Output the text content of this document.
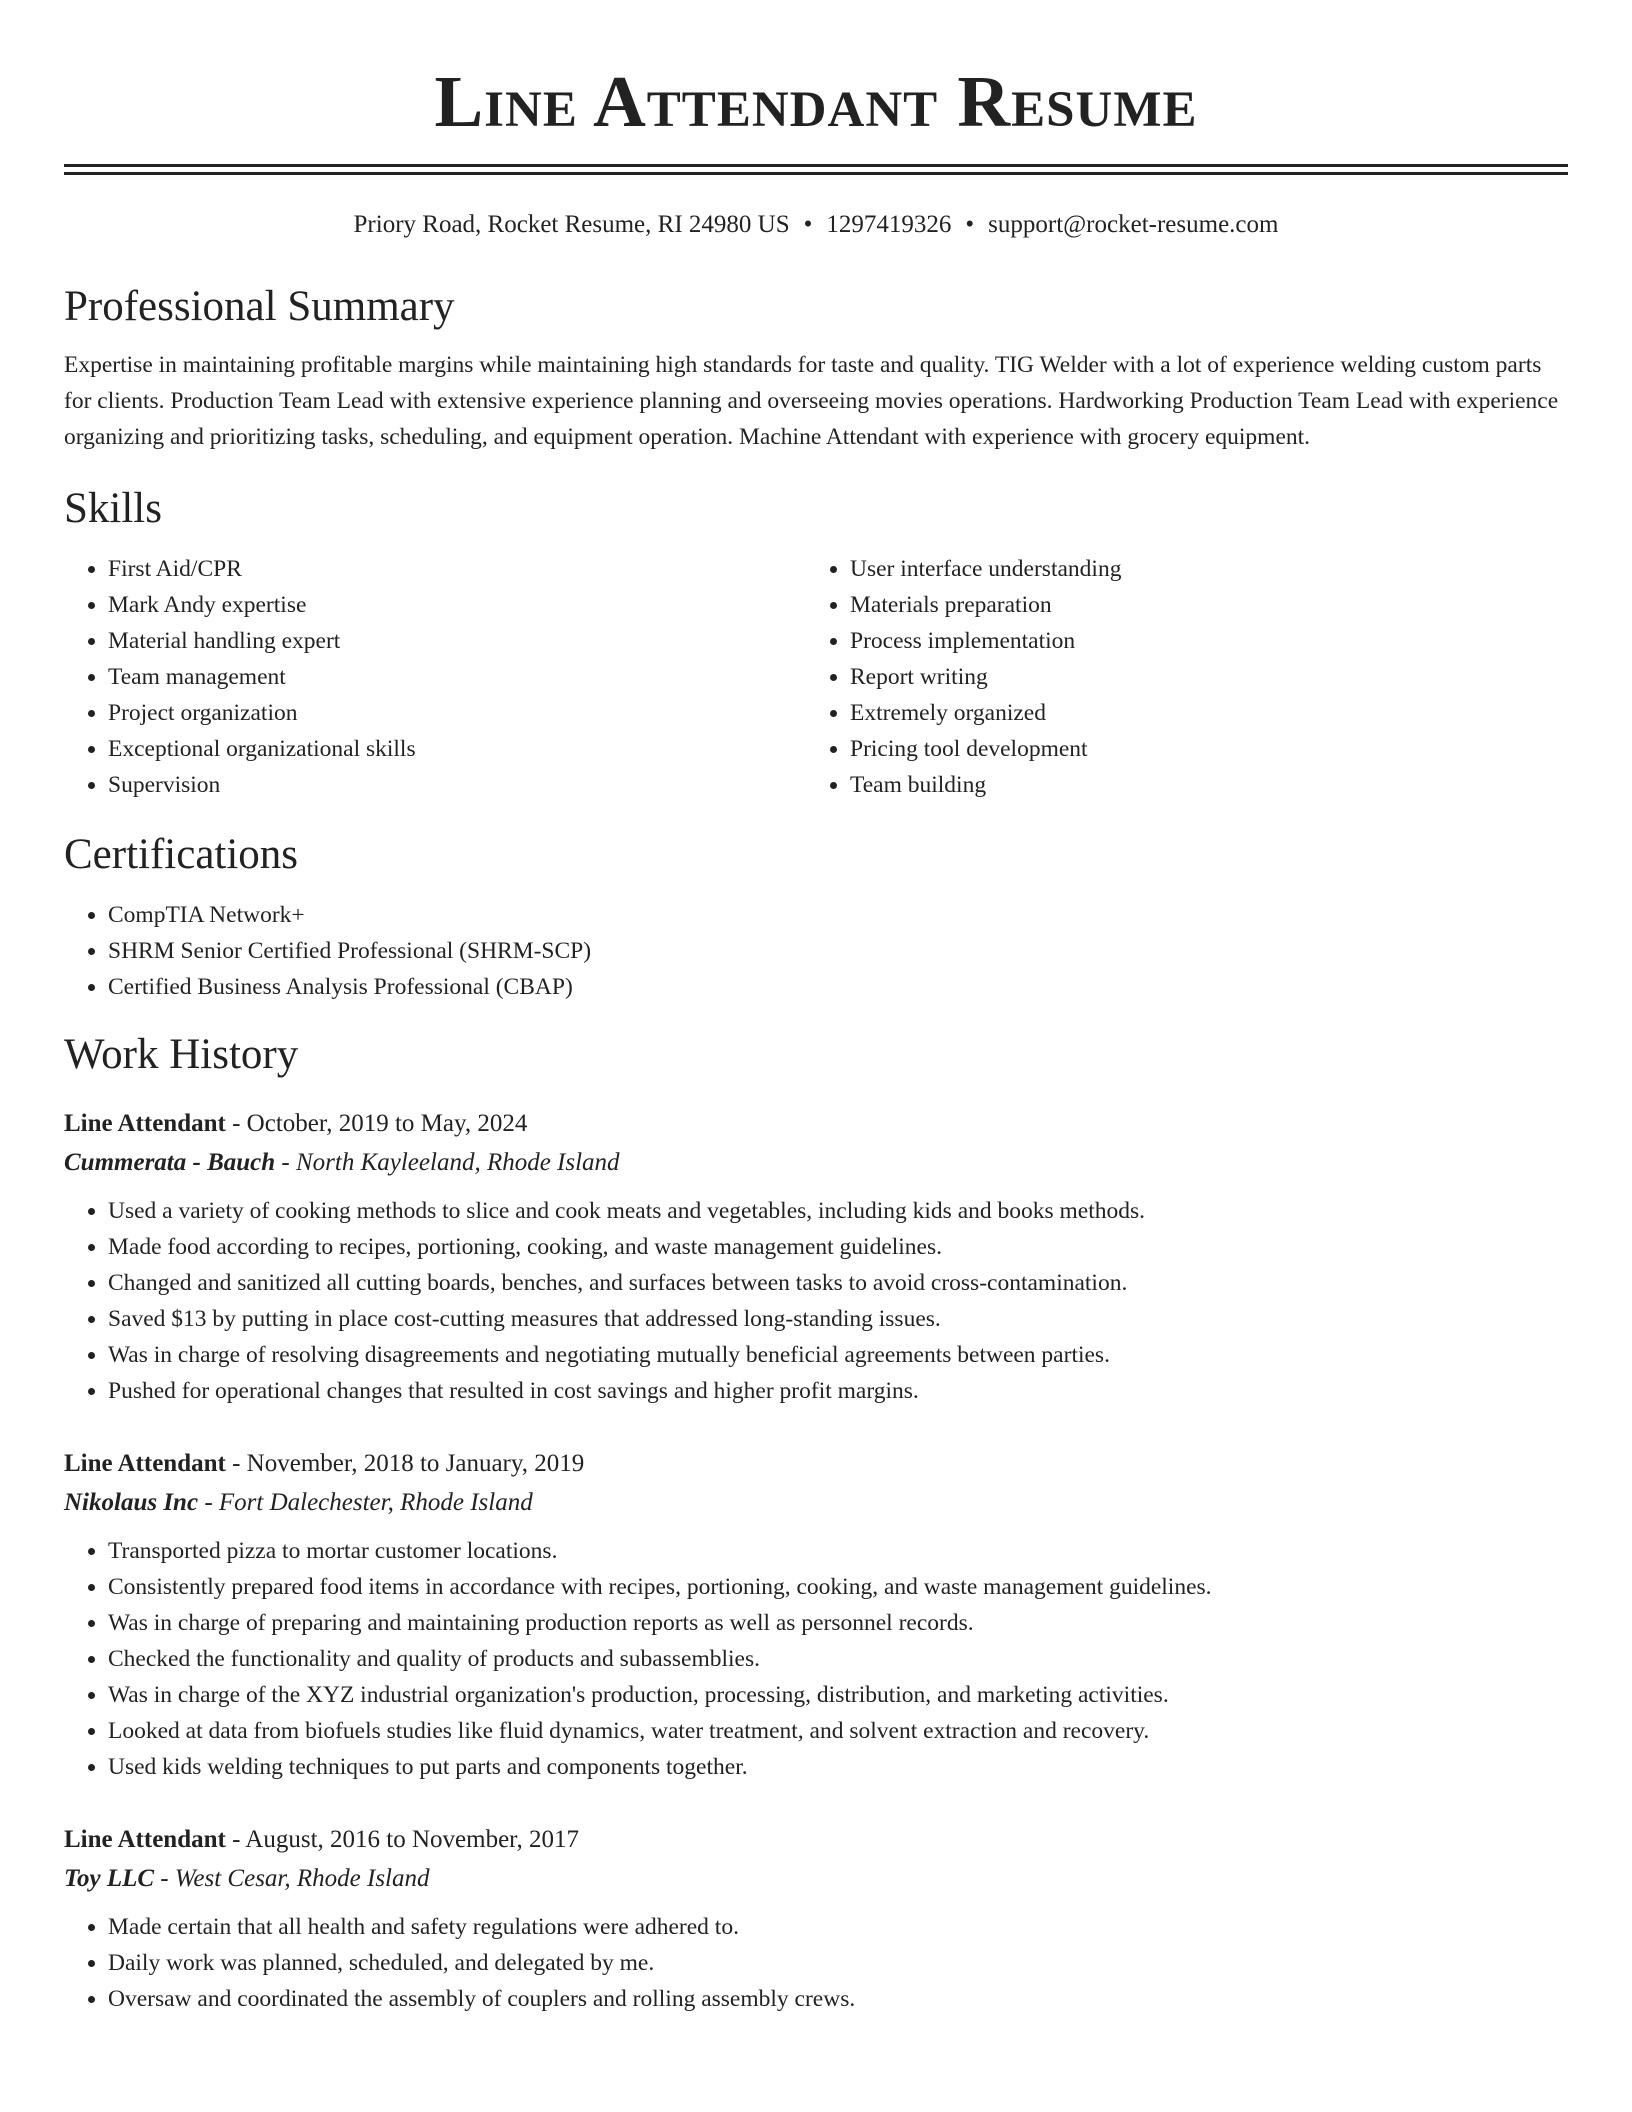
Line Attendant Resume
Priory Road, Rocket Resume, RI 24980 US • 1297419326 • support@rocket-resume.com
Professional Summary

Expertise in maintaining profitable margins while maintaining high standards for taste and quality. TIG Welder with a lot of experience welding custom parts for clients. Production Team Lead with extensive experience planning and overseeing movies operations. Hardworking Production Team Lead with experience organizing and prioritizing tasks, scheduling, and equipment operation. Machine Attendant with experience with grocery equipment.

Skills
• First Aid/CPR
• Mark Andy expertise
• Material handling expert
• Team management
• Project organization
• Exceptional organizational skills
• Supervision
• User interface understanding
• Materials preparation
• Process implementation
• Report writing
• Extremely organized
• Pricing tool development
• Team building
Certifications
• CompTIA Network+
• SHRM Senior Certified Professional (SHRM-SCP)
• Certified Business Analysis Professional (CBAP)
Work History
Line Attendant - October, 2019 to May, 2024
Cummerata - Bauch - North Kayleeland, Rhode Island
• Used a variety of cooking methods to slice and cook meats and vegetables, including kids and books methods.
• Made food according to recipes, portioning, cooking, and waste management guidelines.
• Changed and sanitized all cutting boards, benches, and surfaces between tasks to avoid cross-contamination.
• Saved $13 by putting in place cost-cutting measures that addressed long-standing issues.
• Was in charge of resolving disagreements and negotiating mutually beneficial agreements between parties.
• Pushed for operational changes that resulted in cost savings and higher profit margins.
Line Attendant - November, 2018 to January, 2019
Nikolaus Inc - Fort Dalechester, Rhode Island
• Transported pizza to mortar customer locations.
• Consistently prepared food items in accordance with recipes, portioning, cooking, and waste management guidelines.
• Was in charge of preparing and maintaining production reports as well as personnel records.
• Checked the functionality and quality of products and subassemblies.
• Was in charge of the XYZ industrial organization's production, processing, distribution, and marketing activities.
• Looked at data from biofuels studies like fluid dynamics, water treatment, and solvent extraction and recovery.
• Used kids welding techniques to put parts and components together.
Line Attendant - August, 2016 to November, 2017
Toy LLC - West Cesar, Rhode Island
• Made certain that all health and safety regulations were adhered to.
• Daily work was planned, scheduled, and delegated by me.
• Oversaw and coordinated the assembly of couplers and rolling assembly crews.
